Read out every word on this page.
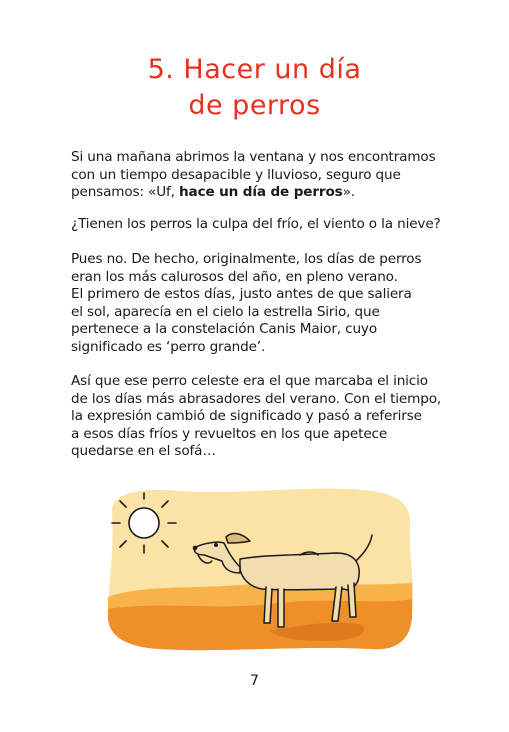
5. Hacer un día
de perros
Si una mañana abrimos la ventana y nos encontramos
con un tiempo desapacible y lluvioso, seguro que
pensamos: «Uf, hace un día de perros».
¿Tienen los perros la culpa del frío, el viento o la nieve?
Pues no. De hecho, originalmente, los días de perros
eran los más calurosos del año, en pleno verano.
El primero de estos días, justo antes de que saliera
el sol, aparecía en el cielo la estrella Sirio, que
pertenece a la constelación Canis Maior, cuyo
significado es ‘perro grande’.
Así que ese perro celeste era el que marcaba el inicio
de los días más abrasadores del verano. Con el tiempo,
la expresión cambió de significado y pasó a referirse
a esos días fríos y revueltos en los que apetece
quedarse en el sofá…
7
